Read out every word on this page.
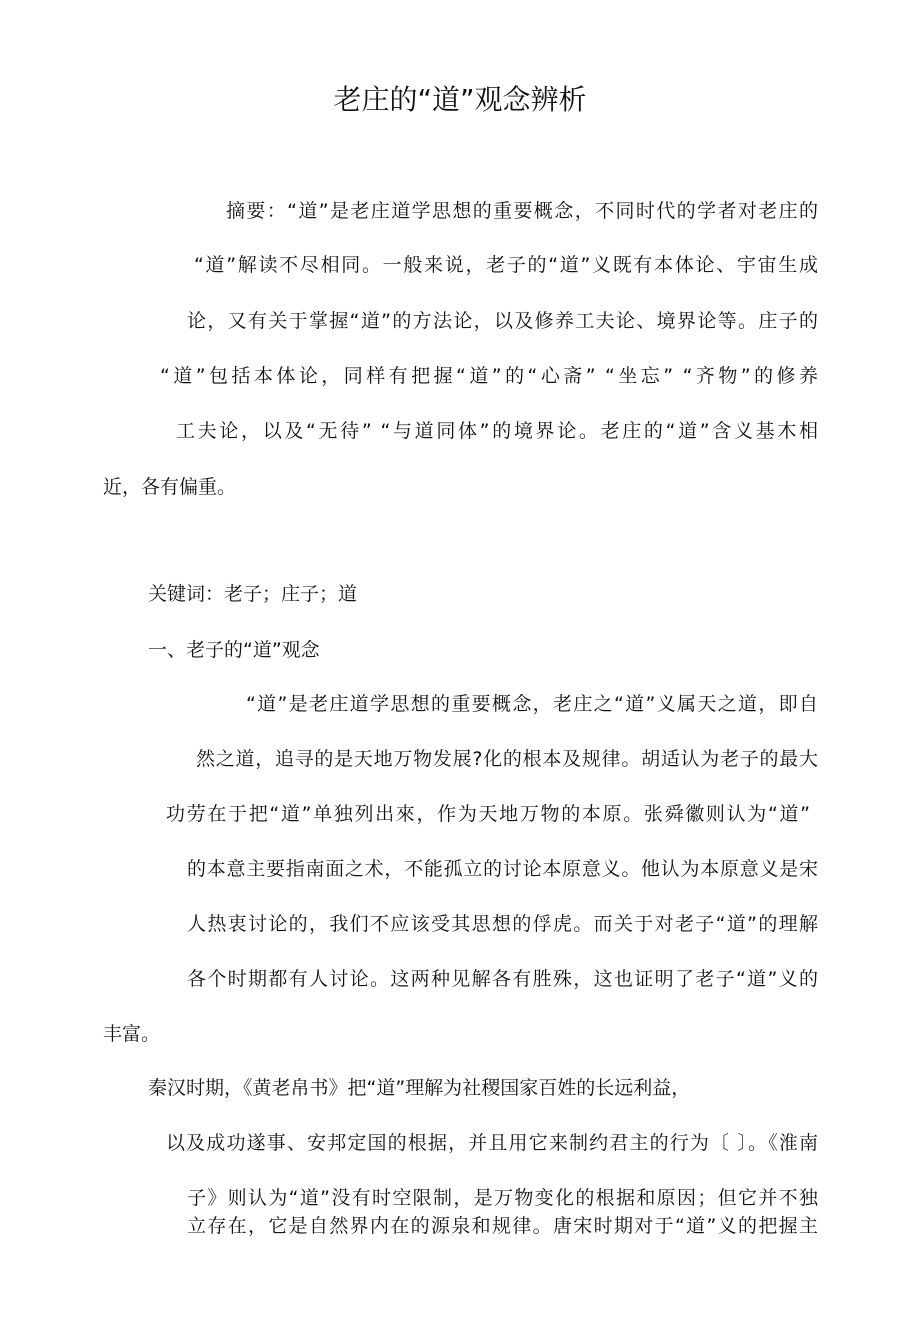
老庄的“道”观念辨析
摘要：“道”是老庄道学思想的重要概念，不同时代的学者对老庄的
“道”解读不尽相同。一般来说，老子的“道”义既有本体论、宇宙生成
论，又有关于掌握“道”的方法论，以及修养工夫论、境界论等。庄子的
“道”包括本体论，同样有把握“道”的“心斋” “坐忘” “齐物”的修养
工夫论，以及“无待” “与道同体”的境界论。老庄的“道”含义基木相
近，各有偏重。
关键词：老子；庄子；道
一、老子的“道”观念
“道”是老庄道学思想的重要概念，老庄之“道”义属天之道，即自
然之道，追寻的是天地万物发展?化的根本及规律。胡适认为老子的最大
功劳在于把“道”单独列出來，作为天地万物的本原。张舜徽则认为“道”
的本意主要指南面之术，不能孤立的讨论本原意义。他认为本原意义是宋
人热衷讨论的，我们不应该受其思想的俘虎。而关于对老子“道”的理解
各个时期都有人讨论。这两种见解各有胜殊，这也证明了老子“道”义的
丰富。
秦汉时期，《黄老帛书》把“道”理解为社稷国家百姓的长远利益，
以及成功遂事、安邦定国的根据，并且用它来制约君主的行为〔 〕。《淮南
子》则认为“道”没有时空限制，是万物变化的根据和原因；但它并不独
立存在，它是自然界内在的源泉和规律。唐宋时期对于“道”义的把握主
